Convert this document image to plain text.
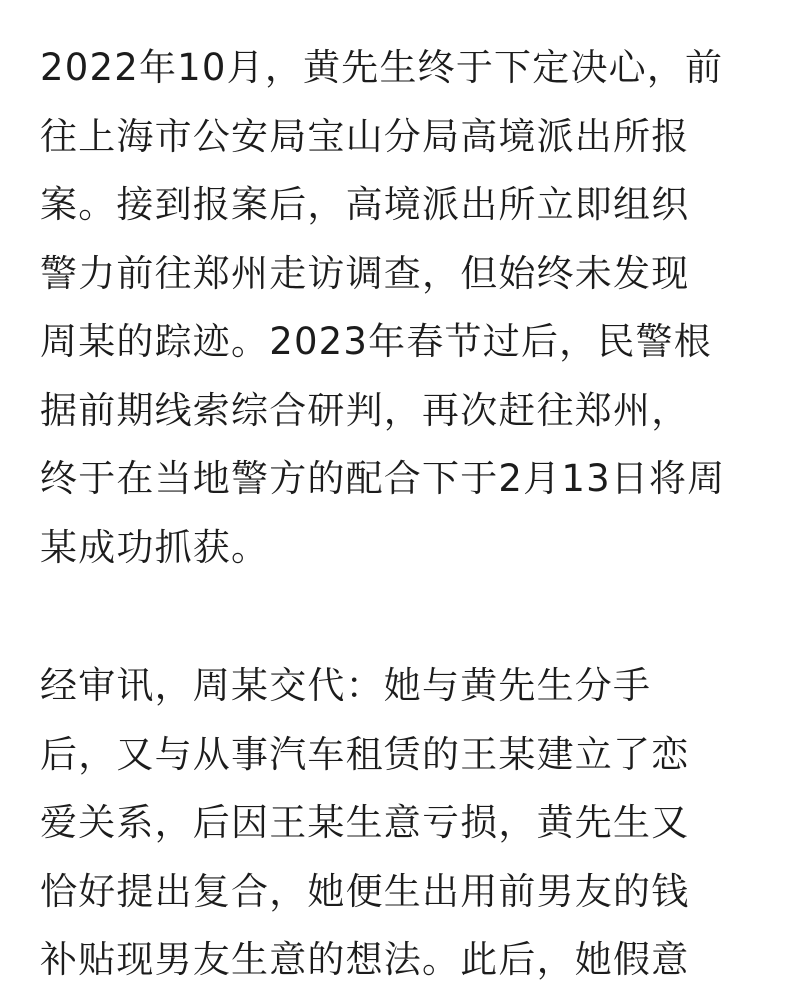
2022年10月，黄先生终于下定决心，前
往上海市公安局宝山分局高境派出所报
案。接到报案后，高境派出所立即组织
警力前往郑州走访调查，但始终未发现
周某的踪迹。2023年春节过后，民警根
据前期线索综合研判，再次赶往郑州，
终于在当地警方的配合下于2月13日将周
某成功抓获。
经审讯，周某交代：她与黄先生分手
后，又与从事汽车租赁的王某建立了恋
爱关系，后因王某生意亏损，黄先生又
恰好提出复合，她便生出用前男友的钱
补贴现男友生意的想法。此后，她假意
